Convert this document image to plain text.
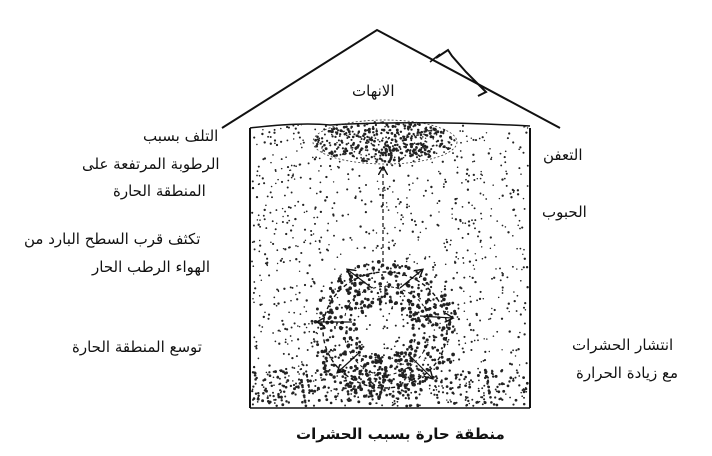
الانهات
التلف بسبب
الرطوبة المرتفعة على
المنطقة الحارة
تكثف قرب السطح البارد من
الهواء الرطب الحار
توسع المنطقة الحارة
التعفن
الحبوب
انتشار الحشرات
مع زيادة الحرارة
منطقة حارة بسبب الحشرات
